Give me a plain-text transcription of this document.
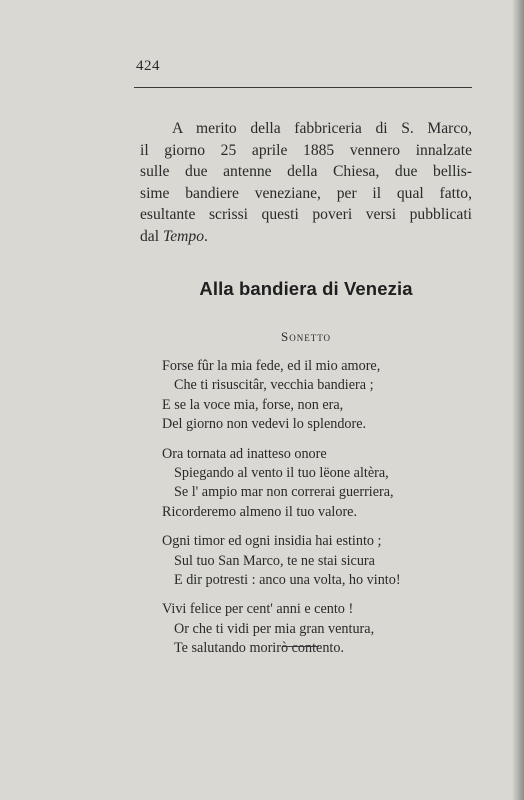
424
A merito della fabbriceria di S. Marco,
il giorno 25 aprile 1885 vennero innalzate
sulle due antenne della Chiesa, due bellis-
sime bandiere veneziane, per il qual fatto,
esultante scrissi questi poveri versi pubblicati
dal Tempo.
Alla bandiera di Venezia
Sonetto
Forse fûr la mia fede, ed il mio amore,
Che ti risuscitâr, vecchia bandiera ;
E se la voce mia, forse, non era,
Del giorno non vedevi lo splendore.
Ora tornata ad inatteso onore
Spiegando al vento il tuo lëone altèra,
Se l' ampio mar non correrai guerriera,
Ricorderemo almeno il tuo valore.
Ogni timor ed ogni insidia hai estinto ;
Sul tuo San Marco, te ne stai sicura
E dir potresti : anco una volta, ho vinto!
Vivi felice per cent' anni e cento !
Or che ti vidi per mia gran ventura,
Te salutando morirò contento.
